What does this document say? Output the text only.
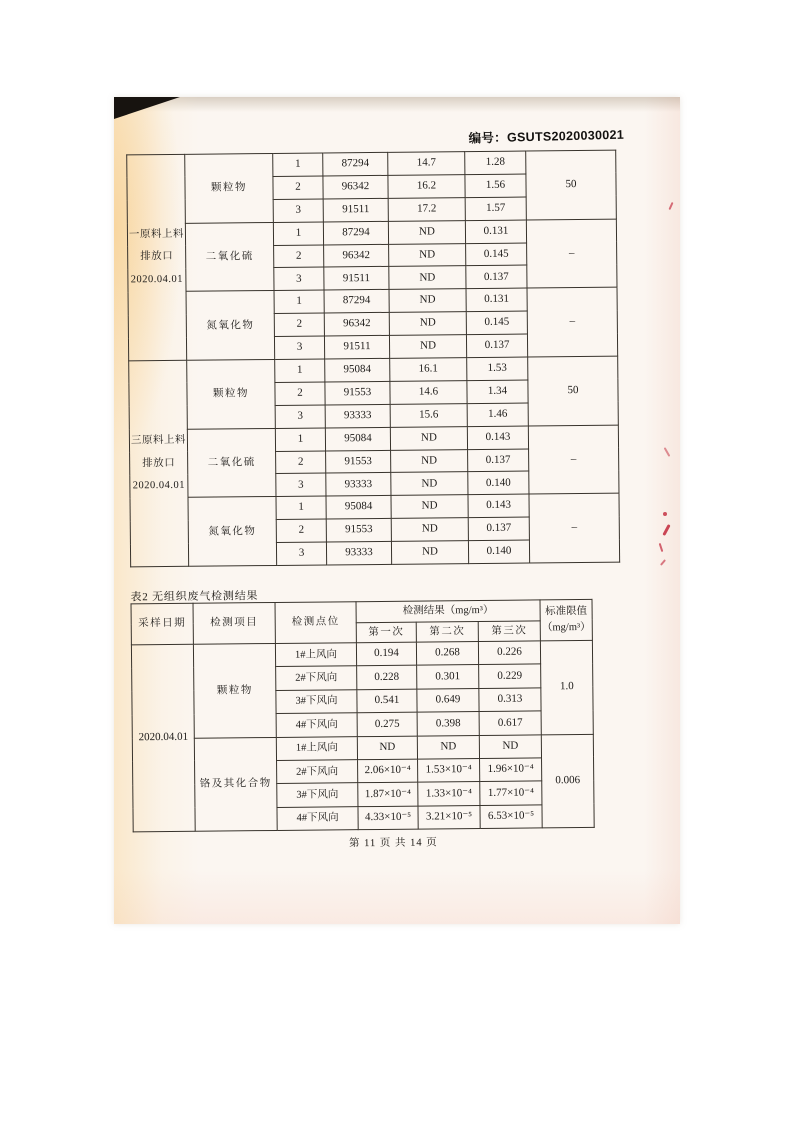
编号：GSUTS2020030021
一原料上料
排放口
2020.04.01	颗粒物	1	87294	14.7	1.28	50
		2	96342	16.2	1.56	
		3	91511	17.2	1.57	
	二氧化硫	1	87294	ND	0.131	–
		2	96342	ND	0.145	
		3	91511	ND	0.137	
	氮氧化物	1	87294	ND	0.131	–
		2	96342	ND	0.145	
		3	91511	ND	0.137	
三原料上料
排放口
2020.04.01	颗粒物	1	95084	16.1	1.53	50
		2	91553	14.6	1.34	
		3	93333	15.6	1.46	
	二氧化硫	1	95084	ND	0.143	–
		2	91553	ND	0.137	
		3	93333	ND	0.140	
	氮氧化物	1	95084	ND	0.143	–
		2	91553	ND	0.137	
		3	93333	ND	0.140	
表2 无组织废气检测结果
采样日期	检测项目	检测点位	检测结果（mg/m³）			标准限值
（mg/m³）
			第一次	第二次	第三次	
2020.04.01	颗粒物	1#上风向	0.194	0.268	0.226	1.0
		2#下风向	0.228	0.301	0.229	
		3#下风向	0.541	0.649	0.313	
		4#下风向	0.275	0.398	0.617	
	铬及其化合物	1#上风向	ND	ND	ND	0.006
		2#下风向	2.06×10⁻⁴	1.53×10⁻⁴	1.96×10⁻⁴	
		3#下风向	1.87×10⁻⁴	1.33×10⁻⁴	1.77×10⁻⁴	
		4#下风向	4.33×10⁻⁵	3.21×10⁻⁵	6.53×10⁻⁵	
第 11 页 共 14 页
